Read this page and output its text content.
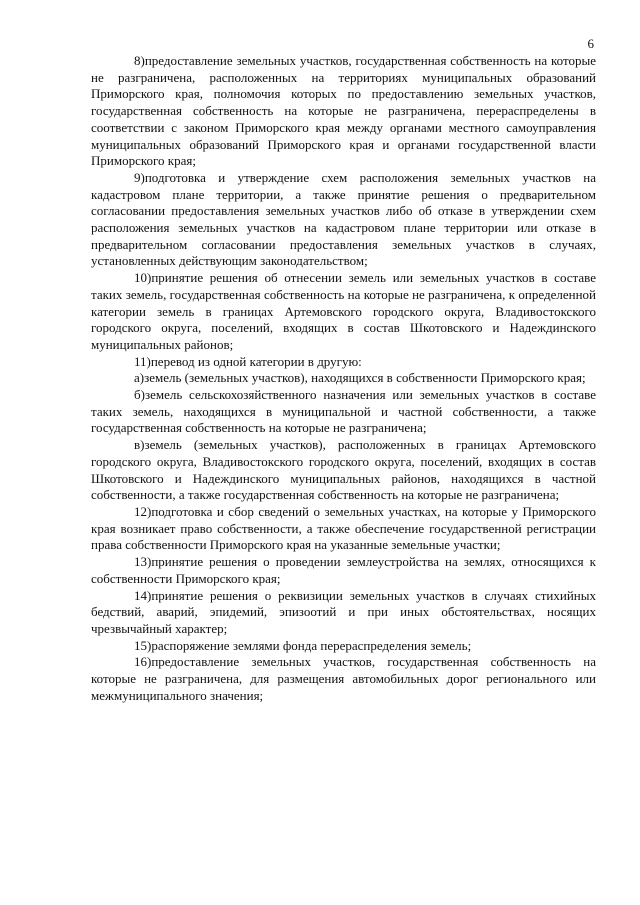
6

8)предоставление земельных участков, государственная собственность на которые не разграничена, расположенных на территориях муниципальных образований Приморского края, полномочия которых по предоставлению земельных участков, государственная собственность на которые не разграничена, перераспределены в соответствии с законом Приморского края между органами местного самоуправления муниципальных образований Приморского края и органами государственной власти Приморского края;

9)подготовка и утверждение схем расположения земельных участков на кадастровом плане территории, а также принятие решения о предварительном согласовании предоставления земельных участков либо об отказе в утверждении схем расположения земельных участков на кадастровом плане территории или отказе в предварительном согласовании предоставления земельных участков в случаях, установленных действующим законодательством;

10)принятие решения об отнесении земель или земельных участков в составе таких земель, государственная собственность на которые не разграничена, к определенной категории земель в границах Артемовского городского округа, Владивостокского городского округа, поселений, входящих в состав Шкотовского и Надеждинского муниципальных районов;

11)перевод из одной категории в другую:

а)земель (земельных участков), находящихся в собственности Приморского края;

б)земель сельскохозяйственного назначения или земельных участков в составе таких земель, находящихся в муниципальной и частной собственности, а также государственная собственность на которые не разграничена;

в)земель (земельных участков), расположенных в границах Артемовского городского округа, Владивостокского городского округа, поселений, входящих в состав Шкотовского и Надеждинского муниципальных районов, находящихся в частной собственности, а также государственная собственность на которые не разграничена;

12)подготовка и сбор сведений о земельных участках, на которые у Приморского края возникает право собственности, а также обеспечение государственной регистрации права собственности Приморского края на указанные земельные участки;

13)принятие решения о проведении землеустройства на землях, относящихся к собственности Приморского края;

14)принятие решения о реквизиции земельных участков в случаях стихийных бедствий, аварий, эпидемий, эпизоотий и при иных обстоятельствах, носящих чрезвычайный характер;

15)распоряжение землями фонда перераспределения земель;

16)предоставление земельных участков, государственная собственность на которые не разграничена, для размещения автомобильных дорог регионального или межмуниципального значения;
